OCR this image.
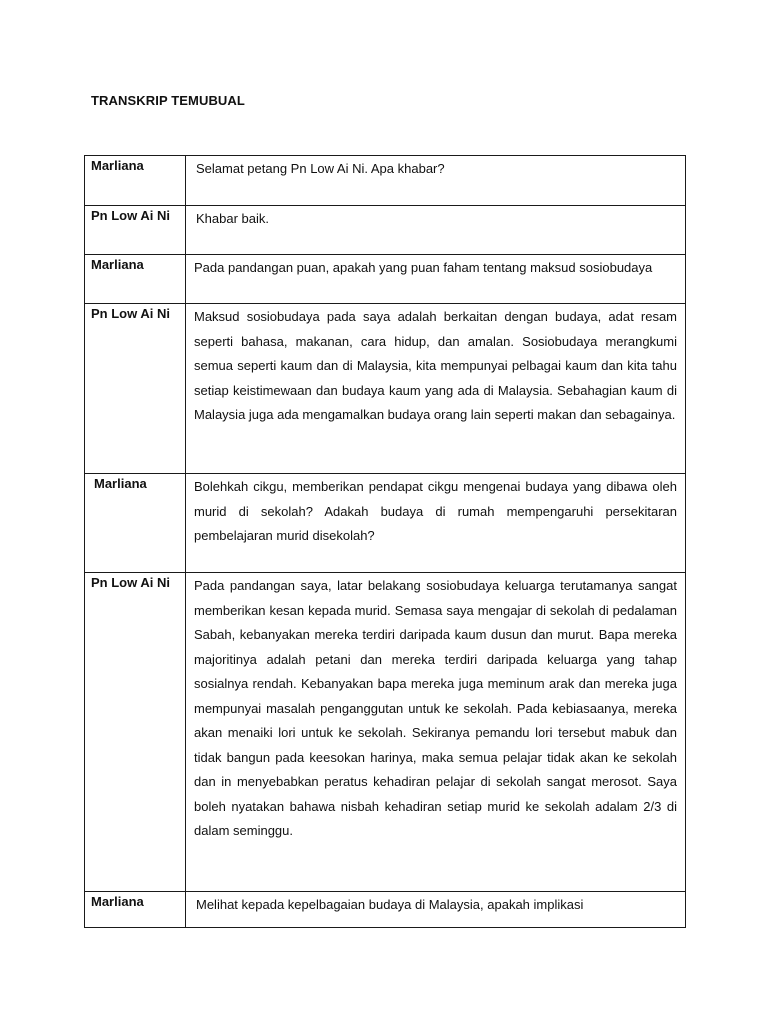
TRANSKRIP TEMUBUAL
Marliana	Selamat petang Pn Low Ai Ni. Apa khabar?
Pn Low Ai Ni	Khabar baik.
Marliana	Pada pandangan puan, apakah yang puan faham tentang maksud sosiobudaya
Pn Low Ai Ni	Maksud sosiobudaya pada saya adalah berkaitan dengan budaya, adat resam seperti bahasa, makanan, cara hidup, dan amalan. Sosiobudaya merangkumi semua seperti kaum dan di Malaysia, kita mempunyai pelbagai kaum dan kita tahu setiap keistimewaan dan budaya kaum yang ada di Malaysia. Sebahagian kaum di Malaysia juga ada mengamalkan budaya orang lain seperti makan dan sebagainya.
Marliana	Bolehkah cikgu, memberikan pendapat cikgu mengenai budaya yang dibawa oleh murid di sekolah? Adakah budaya di rumah mempengaruhi persekitaran pembelajaran murid disekolah?
Pn Low Ai Ni	Pada pandangan saya, latar belakang sosiobudaya keluarga terutamanya sangat memberikan kesan kepada murid. Semasa saya mengajar di sekolah di pedalaman Sabah, kebanyakan mereka terdiri daripada kaum dusun dan murut. Bapa mereka majoritinya adalah petani dan mereka terdiri daripada keluarga yang tahap sosialnya rendah. Kebanyakan bapa mereka juga meminum arak dan mereka juga mempunyai masalah penganggutan untuk ke sekolah. Pada kebiasaanya, mereka akan menaiki lori untuk ke sekolah. Sekiranya pemandu lori tersebut mabuk dan tidak bangun pada keesokan harinya, maka semua pelajar tidak akan ke sekolah dan in menyebabkan peratus kehadiran pelajar di sekolah sangat merosot. Saya boleh nyatakan bahawa nisbah kehadiran setiap murid ke sekolah adalam 2/3 di dalam seminggu.
Marliana	Melihat kepada kepelbagaian budaya di Malaysia, apakah implikasi
